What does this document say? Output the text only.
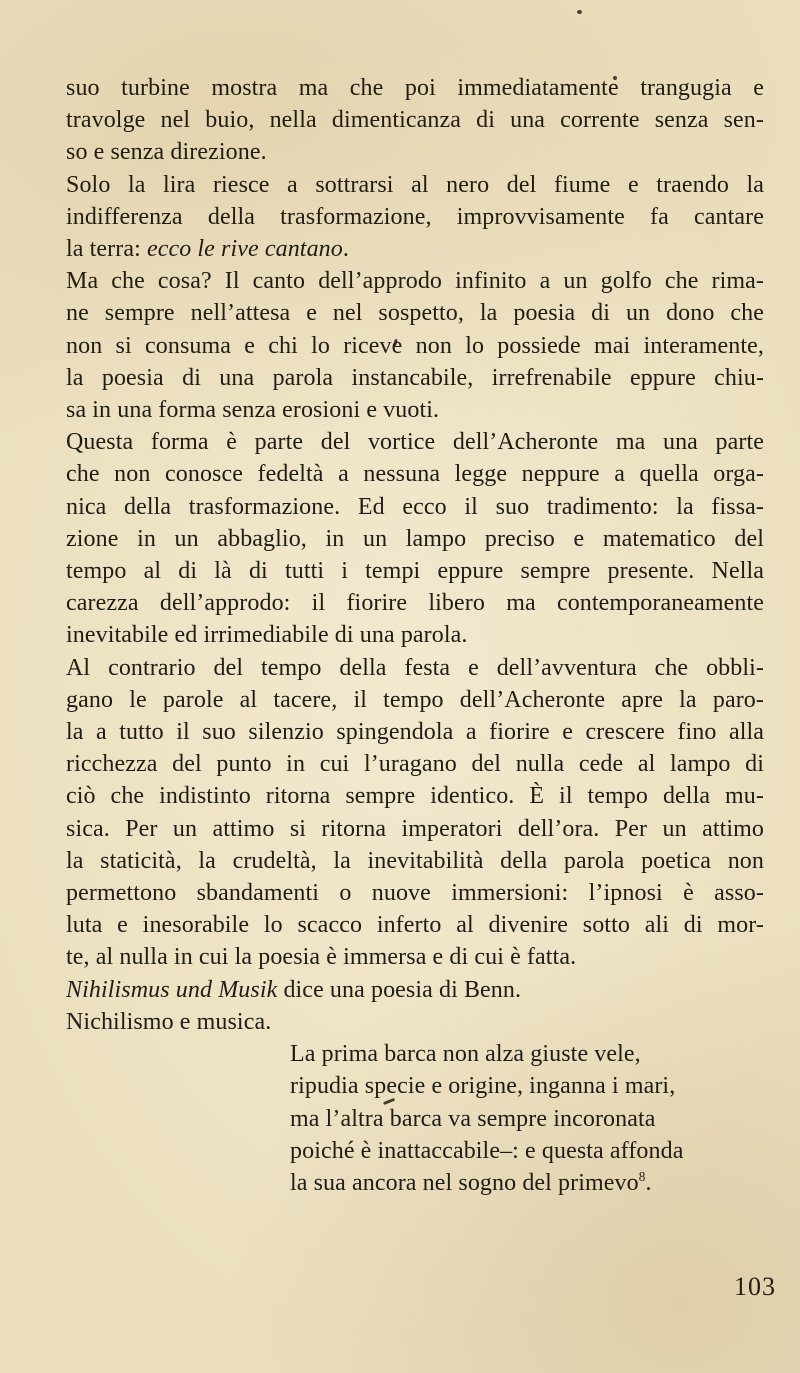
suo turbine mostra ma che poi immediatamente trangugia e
travolge nel buio, nella dimenticanza di una corrente senza sen-
so e senza direzione.
Solo la lira riesce a sottrarsi al nero del fiume e traendo la
indifferenza della trasformazione, improvvisamente fa cantare
la terra: ecco le rive cantano.
Ma che cosa? Il canto dell’approdo infinito a un golfo che rima-
ne sempre nell’attesa e nel sospetto, la poesia di un dono che
non si consuma e chi lo riceve non lo possiede mai interamente,
la poesia di una parola instancabile, irrefrenabile eppure chiu-
sa in una forma senza erosioni e vuoti.
Questa forma è parte del vortice dell’Acheronte ma una parte
che non conosce fedeltà a nessuna legge neppure a quella orga-
nica della trasformazione. Ed ecco il suo tradimento: la fissa-
zione in un abbaglio, in un lampo preciso e matematico del
tempo al di là di tutti i tempi eppure sempre presente. Nella
carezza dell’approdo: il fiorire libero ma contemporaneamente
inevitabile ed irrimediabile di una parola.
Al contrario del tempo della festa e dell’avventura che obbli-
gano le parole al tacere, il tempo dell’Acheronte apre la paro-
la a tutto il suo silenzio spingendola a fiorire e crescere fino alla
ricchezza del punto in cui l’uragano del nulla cede al lampo di
ciò che indistinto ritorna sempre identico. È il tempo della mu-
sica. Per un attimo si ritorna imperatori dell’ora. Per un attimo
la staticità, la crudeltà, la inevitabilità della parola poetica non
permettono sbandamenti o nuove immersioni: l’ipnosi è asso-
luta e inesorabile lo scacco inferto al divenire sotto ali di mor-
te, al nulla in cui la poesia è immersa e di cui è fatta.
Nihilismus und Musik dice una poesia di Benn.
Nichilismo e musica.
La prima barca non alza giuste vele,
ripudia specie e origine, inganna i mari,
ma l’altra barca va sempre incoronata
poiché è inattaccabile–: e questa affonda
la sua ancora nel sogno del primevo$^8$.
103
